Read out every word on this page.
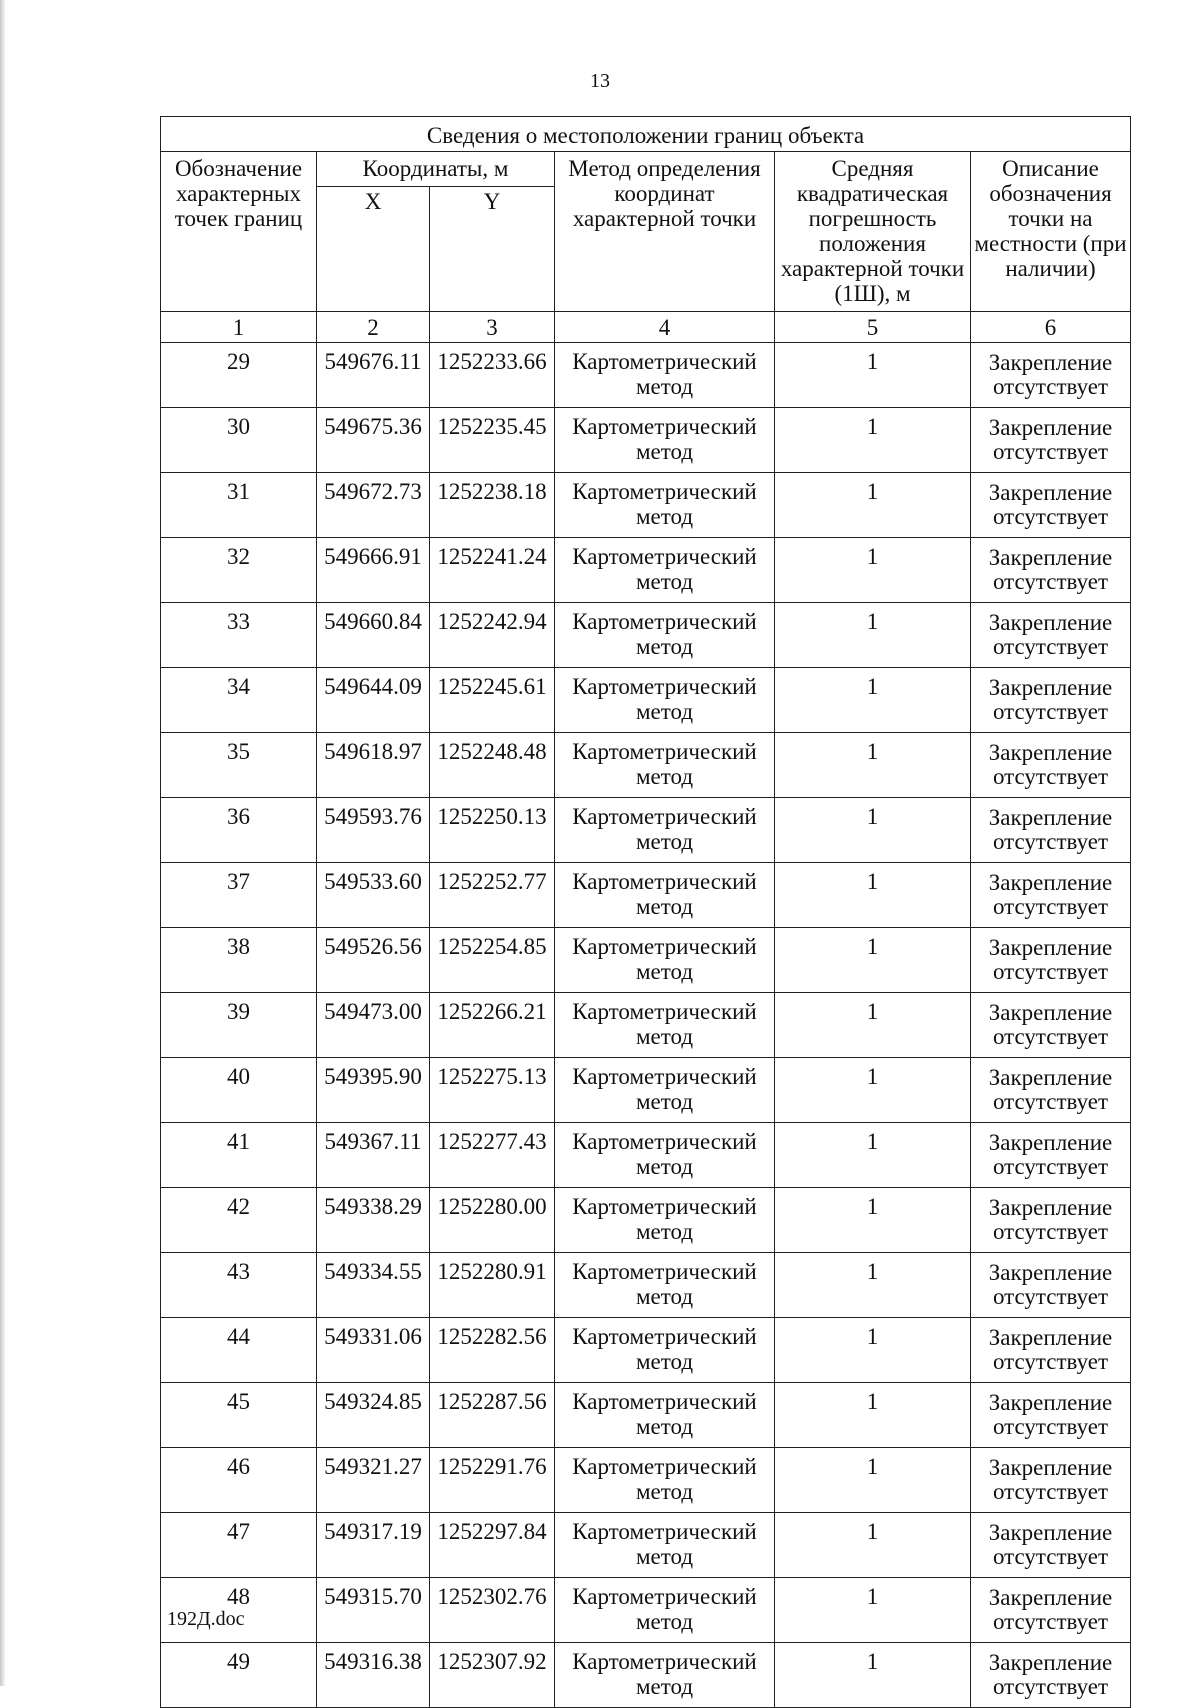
13
Сведения о местоположении границ объекта					
Обозначение характерных точек границ	Координаты, м		Метод определения координат характерной точки	Средняя квадратическая погрешность положения характерной точки (1Ш), м	Описание обозначения точки на местности (при наличии)
	X	Y			
1	2	3	4	5	6
29	549676.11	1252233.66	Картометрический метод	1	Закрепление отсутствует
30	549675.36	1252235.45	Картометрический метод	1	Закрепление отсутствует
31	549672.73	1252238.18	Картометрический метод	1	Закрепление отсутствует
32	549666.91	1252241.24	Картометрический метод	1	Закрепление отсутствует
33	549660.84	1252242.94	Картометрический метод	1	Закрепление отсутствует
34	549644.09	1252245.61	Картометрический метод	1	Закрепление отсутствует
35	549618.97	1252248.48	Картометрический метод	1	Закрепление отсутствует
36	549593.76	1252250.13	Картометрический метод	1	Закрепление отсутствует
37	549533.60	1252252.77	Картометрический метод	1	Закрепление отсутствует
38	549526.56	1252254.85	Картометрический метод	1	Закрепление отсутствует
39	549473.00	1252266.21	Картометрический метод	1	Закрепление отсутствует
40	549395.90	1252275.13	Картометрический метод	1	Закрепление отсутствует
41	549367.11	1252277.43	Картометрический метод	1	Закрепление отсутствует
42	549338.29	1252280.00	Картометрический метод	1	Закрепление отсутствует
43	549334.55	1252280.91	Картометрический метод	1	Закрепление отсутствует
44	549331.06	1252282.56	Картометрический метод	1	Закрепление отсутствует
45	549324.85	1252287.56	Картометрический метод	1	Закрепление отсутствует
46	549321.27	1252291.76	Картометрический метод	1	Закрепление отсутствует
47	549317.19	1252297.84	Картометрический метод	1	Закрепление отсутствует
48	549315.70	1252302.76	Картометрический метод	1	Закрепление отсутствует
49	549316.38	1252307.92	Картометрический метод	1	Закрепление отсутствует
192Д.doc
